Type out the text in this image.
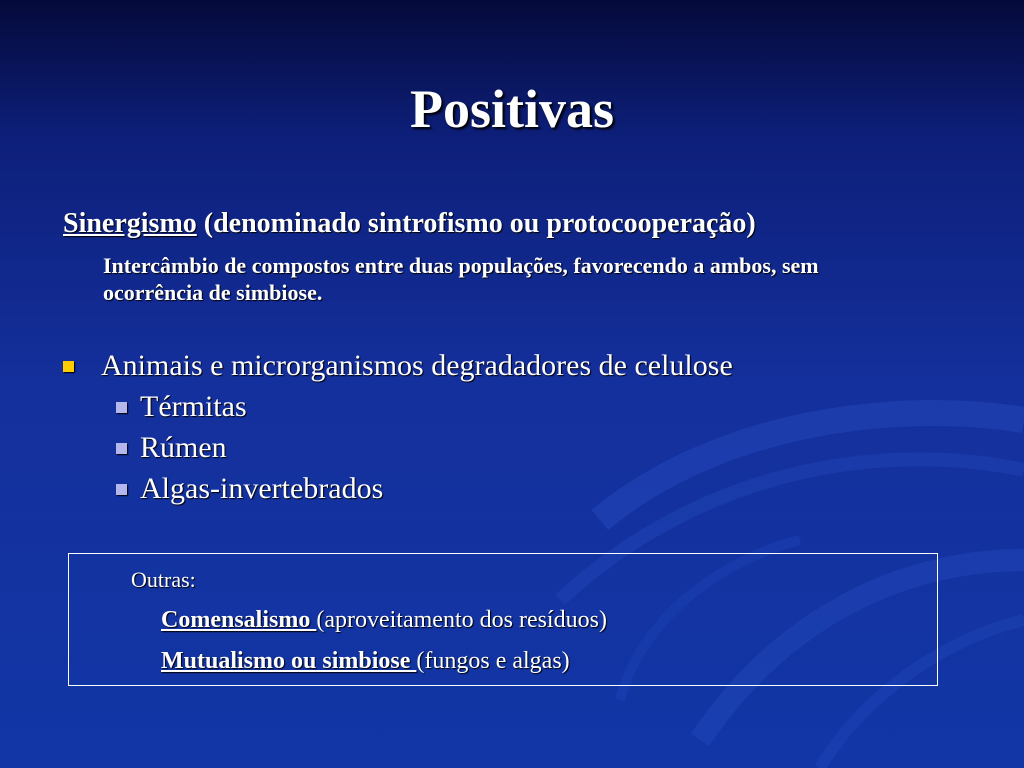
Positivas
Sinergismo (denominado sintrofismo ou protocooperação)
Intercâmbio de compostos entre duas populações, favorecendo a ambos, sem ocorrência de simbiose.
Animais e microrganismos degradadores de celulose
Térmitas
Rúmen
Algas-invertebrados
Outras:
Comensalismo (aproveitamento dos resíduos)
Mutualismo ou simbiose (fungos e algas)
